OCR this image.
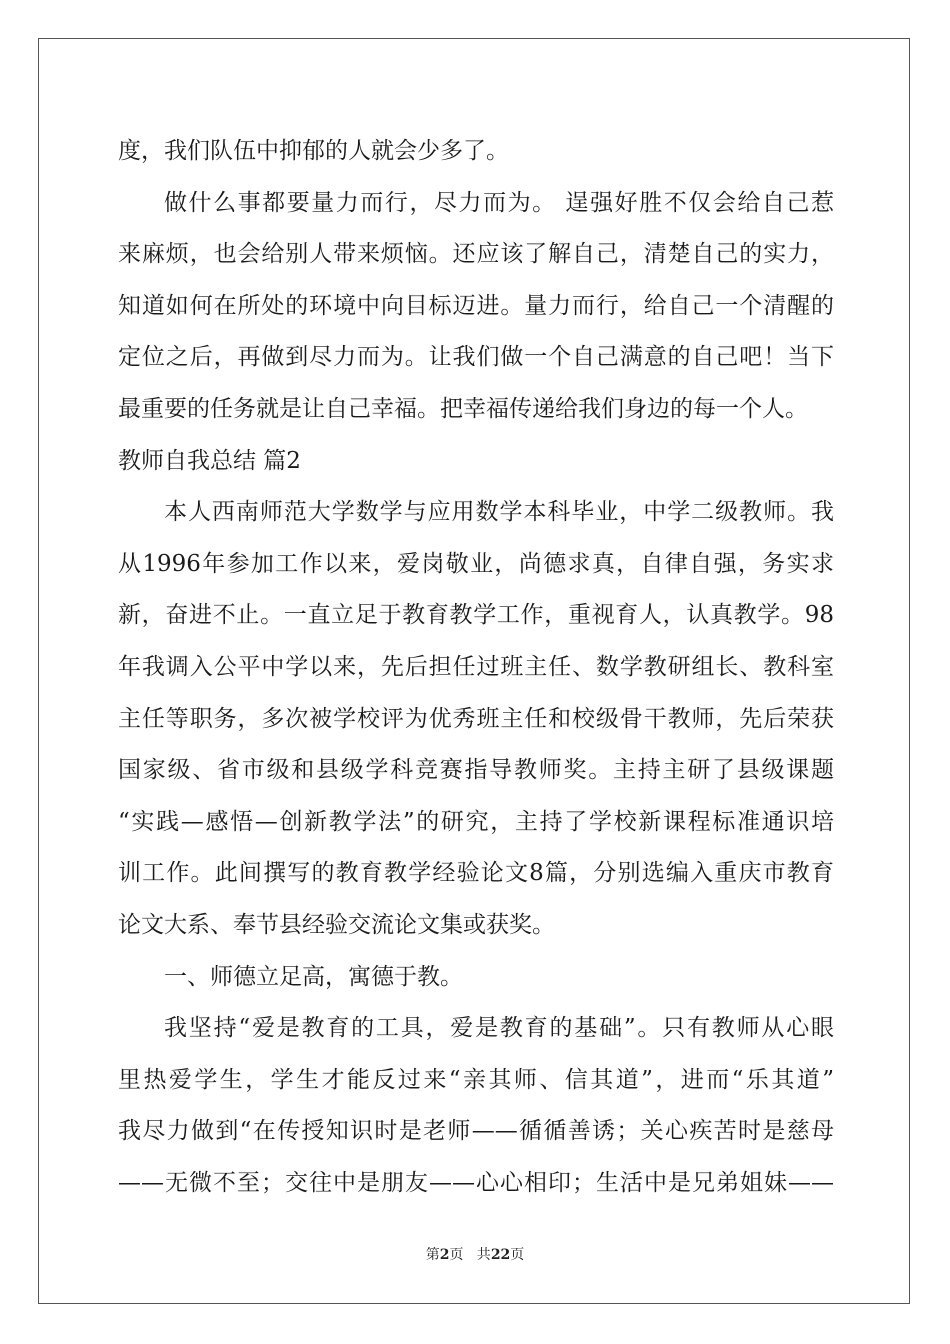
度，我们队伍中抑郁的人就会少多了。
做什么事都要量力而行，尽力而为。 逞强好胜不仅会给自己惹
来麻烦，也会给别人带来烦恼。还应该了解自己，清楚自己的实力，
知道如何在所处的环境中向目标迈进。量力而行，给自己一个清醒的
定位之后，再做到尽力而为。让我们做一个自己满意的自己吧！当下
最重要的任务就是让自己幸福。把幸福传递给我们身边的每一个人。
教师自我总结 篇2
本人西南师范大学数学与应用数学本科毕业，中学二级教师。我
从1996年参加工作以来，爱岗敬业，尚德求真，自律自强，务实求
新，奋进不止。一直立足于教育教学工作，重视育人，认真教学。98
年我调入公平中学以来，先后担任过班主任、数学教研组长、教科室
主任等职务，多次被学校评为优秀班主任和校级骨干教师，先后荣获
国家级、省市级和县级学科竞赛指导教师奖。主持主研了县级课题
“实践—感悟—创新教学法”的研究，主持了学校新课程标准通识培
训工作。此间撰写的教育教学经验论文8篇，分别选编入重庆市教育
论文大系、奉节县经验交流论文集或获奖。
一、师德立足高，寓德于教。
我坚持“爱是教育的工具，爱是教育的基础”。只有教师从心眼
里热爱学生，学生才能反过来“亲其师、信其道”，进而“乐其道”
我尽力做到“在传授知识时是老师——循循善诱；关心疾苦时是慈母
——无微不至；交往中是朋友——心心相印；生活中是兄弟姐妹——
第2页   共22页
